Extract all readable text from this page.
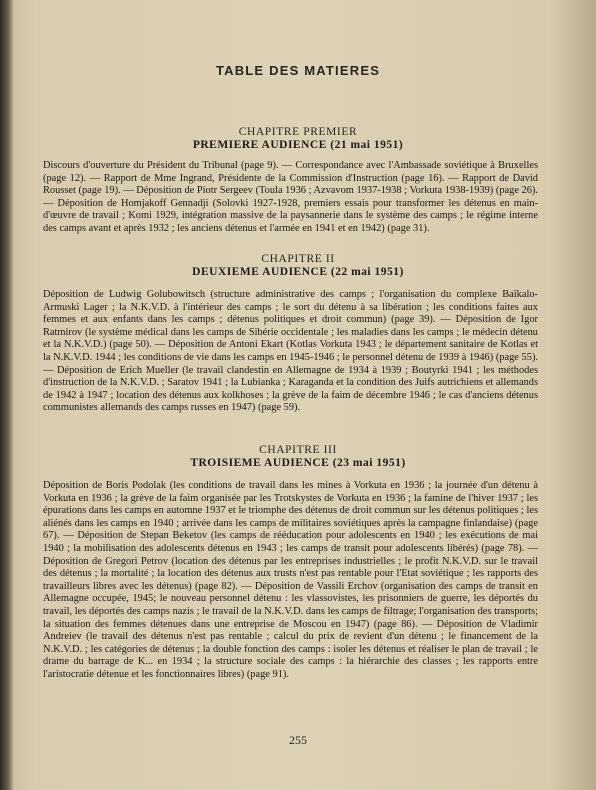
TABLE DES MATIERES
CHAPITRE PREMIER
PREMIERE AUDIENCE (21 mai 1951)

Discours d'ouverture du Président du Tribunal (page 9). — Correspondance avec l'Ambassade soviétique à Bruxelles (page 12). — Rapport de Mme Ingrand, Présidente de la Commission d'Instruction (page 16). — Rapport de David Rousset (page 19). — Déposition de Piotr Sergeev (Toula 1936 ; Azvavom 1937-1938 ; Vorkuta 1938-1939) (page 26). — Déposition de Homjakoff Gennadji (Solovki 1927-1928, premiers essais pour transformer les détenus en main-d'œuvre de travail ; Komi 1929, intégration massive de la paysannerie dans le système des camps ; le régime interne des camps avant et après 1932 ; les anciens détenus et l'armée en 1941 et en 1942) (page 31).

CHAPITRE II
DEUXIEME AUDIENCE (22 mai 1951)

Déposition de Ludwig Golubowitsch (structure administrative des camps ; l'organisation du complexe Baïkalo-Armuski Lager ; la N.K.V.D. à l'intérieur des camps ; le sort du détenu à sa libération ; les conditions faites aux femmes et aux enfants dans les camps ; détenus politiques et droit commun) (page 39). — Déposition de Igor Ratmirov (le système médical dans les camps de Sibérie occidentale ; les maladies dans les camps ; le médecin détenu et la N.K.V.D.) (page 50). — Déposition de Antoni Ekart (Kotlas Vorkuta 1943 ; le département sanitaire de Kotlas et la N.K.V.D. 1944 ; les conditions de vie dans les camps en 1945-1946 ; le personnel détenu de 1939 à 1946) (page 55). — Déposition de Erich Mueller (le travail clandestin en Allemagne de 1934 à 1939 ; Boutyrki 1941 ; les méthodes d'instruction de la N.K.V.D. ; Saratov 1941 ; la Lubianka ; Karaganda et la condition des Juifs autrichiens et allemands de 1942 à 1947 ; location des détenus aux kolkhoses ; la grève de la faim de décembre 1946 ; le cas d'anciens détenus communistes allemands des camps russes en 1947) (page 59).

CHAPITRE III
TROISIEME AUDIENCE (23 mai 1951)

Déposition de Boris Podolak (les conditions de travail dans les mines à Vorkuta en 1936 ; la journée d'un détenu à Vorkuta en 1936 ; la grève de la faim organisée par les Trotskystes de Vorkuta en 1936 ; la famine de l'hiver 1937 ; les épurations dans les camps en automne 1937 et le triomphe des détenus de droit commun sur les détenus politiques ; les aliénés dans les camps en 1940 ; arrivée dans les camps de militaires soviétiques après la campagne finlandaise) (page 67). — Déposition de Stepan Beketov (les camps de rééducation pour adolescents en 1940 ; les exécutions de mai 1940 ; la mobilisation des adolescents détenus en 1943 ; les camps de transit pour adolescents libérés) (page 78). — Déposition de Gregori Petrov (location des détenus par les entreprises industrielles ; le profit N.K.V.D. sur le travail des détenus ; la mortalité ; la location des détenus aux trusts n'est pas rentable pour l'Etat soviétique ; les rapports des travailleurs libres avec les détenus) (page 82). — Déposition de Vassili Erchov (organisation des camps de transit en Allemagne occupée, 1945; le nouveau personnel détenu : les vlassovistes, les prisonniers de guerre, les déportés du travail, les déportés des camps nazis ; le travail de la N.K.V.D. dans les camps de filtrage; l'organisation des transports; la situation des femmes détenues dans une entreprise de Moscou en 1947) (page 86). — Déposition de Vladimir Andreiev (le travail des détenus n'est pas rentable ; calcul du prix de revient d'un détenu ; le financement de la N.K.V.D. ; les catégories de détenus ; la double fonction des camps : isoler les détenus et réaliser le plan de travail ; le drame du barrage de K... en 1934 ; la structure sociale des camps : la hiérarchie des classes ; les rapports entre l'aristocratie détenue et les fonctionnaires libres) (page 91).

255
